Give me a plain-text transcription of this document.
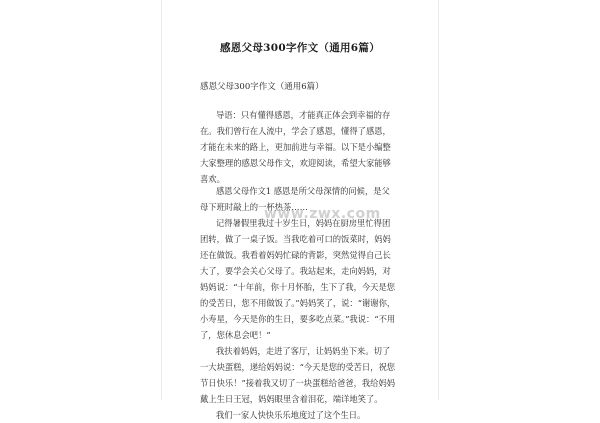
感恩父母300字作文（通用6篇）
感恩父母300字作文（通用6篇）

导语：只有懂得感恩，才能真正体会到幸福的存在。我们曾行在人流中，学会了感恩，懂得了感恩，才能在未来的路上，更加前进与幸福。以下是小编整大家整理的感恩父母作文，欢迎阅读，希望大家能够喜欢。

感恩父母作文1 感恩是所父母深情的问候，是父母下班时敲上的一杯热茶……

记得暑假里我过十岁生日，妈妈在厨房里忙得团团转，做了一桌子饭。当我吃着可口的饭菜时，妈妈还在做饭。我看着妈妈忙碌的背影，突然觉得自己长大了，要学会关心父母了。我站起来，走向妈妈，对妈妈说：“十年前，你十月怀胎，生下了我，今天是您的受苦日，您不用做饭了。”妈妈笑了，说：“谢谢你，小寿星，今天是你的生日，要多吃点菜。”我说：“不用了，您休息会吧！”

我扶着妈妈，走进了客厅，让妈妈坐下来。切了一大块蛋糕，递给妈妈说：“今天是您的受苦日，祝您节日快乐！”接着我又切了一块蛋糕给爸爸，我给妈妈戴上生日王冠，妈妈眼里含着泪花，端详地笑了。

我们一家人快快乐乐地度过了这个生日。

www.zwx.com
